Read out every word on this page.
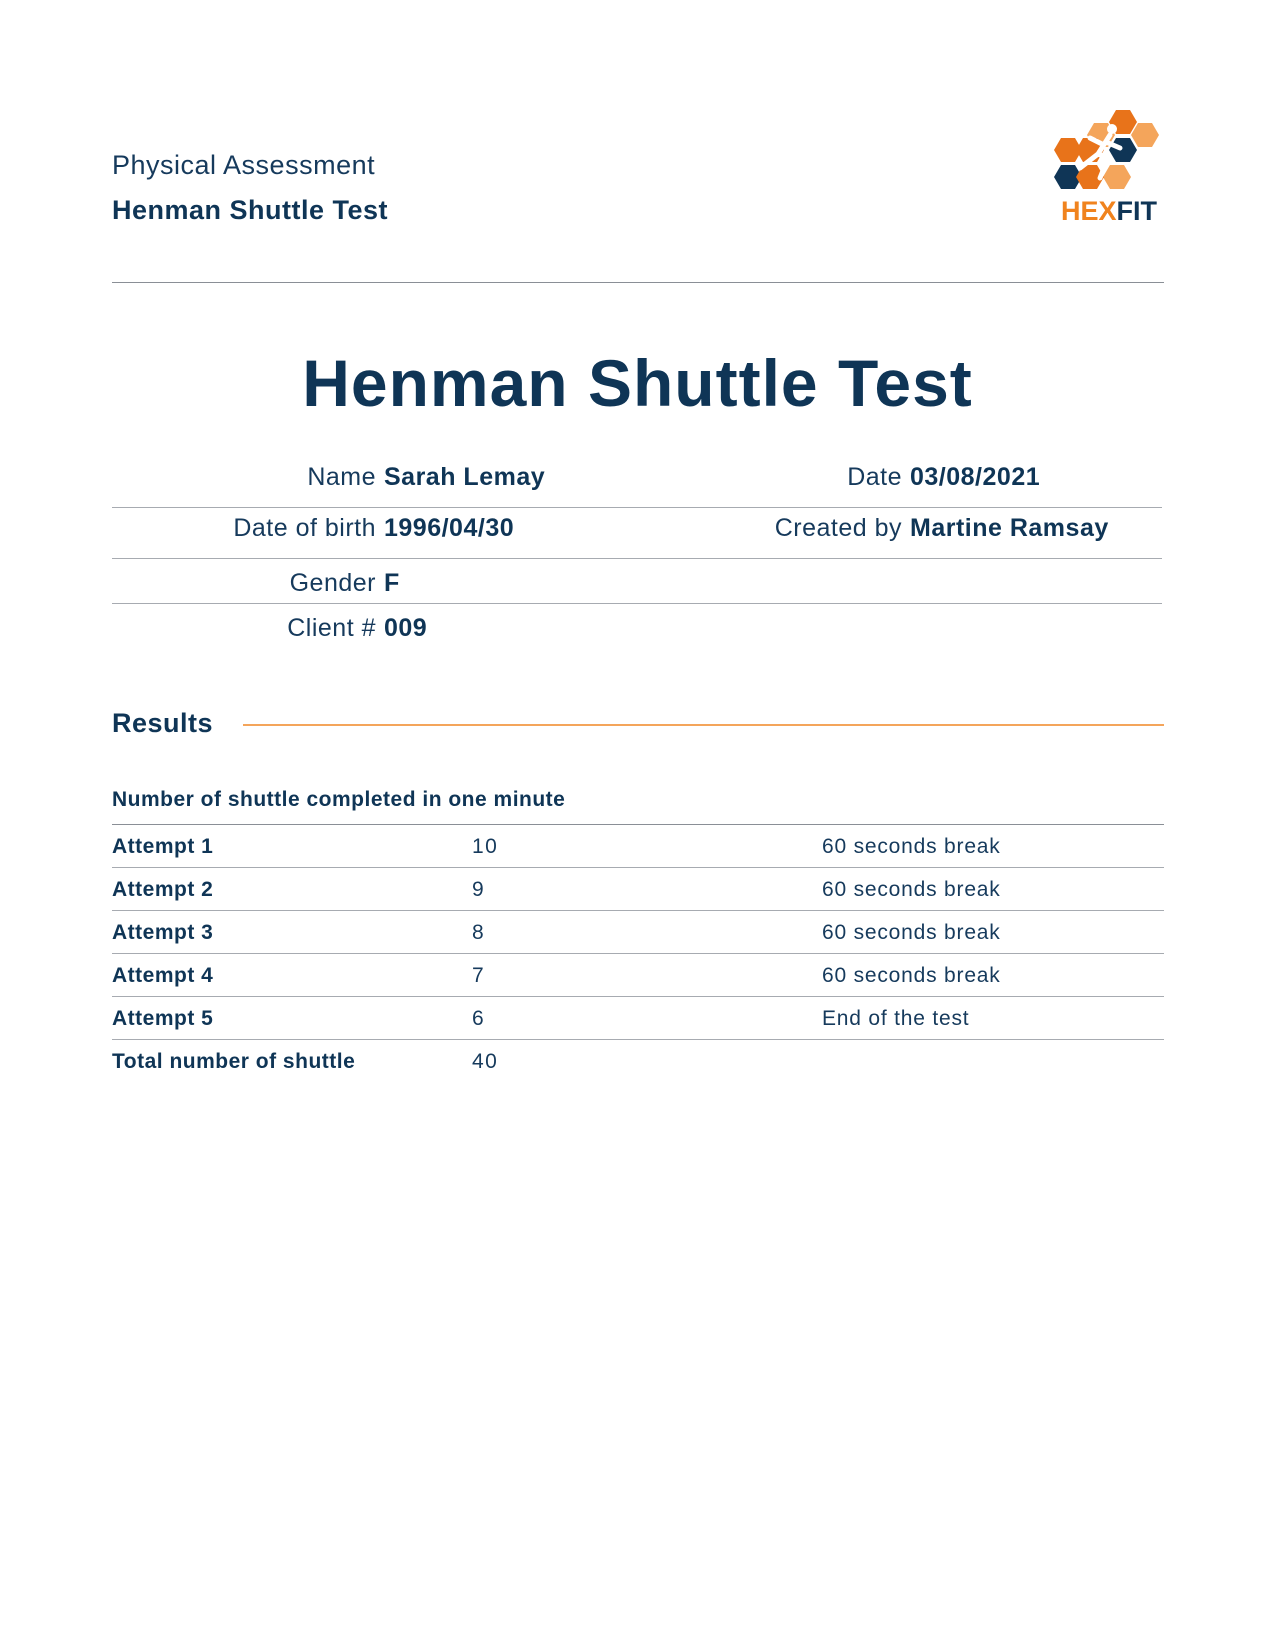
Physical Assessment
Henman Shuttle Test	HEXFIT
Henman Shuttle Test
Name Sarah Lemay	Date 03/08/2021
Date of birth 1996/04/30	Created by Martine Ramsay
Gender F
Client # 009
Results
Number of shuttle completed in one minute
Attempt 1	10	60 seconds break
Attempt 2	9	60 seconds break
Attempt 3	8	60 seconds break
Attempt 4	7	60 seconds break
Attempt 5	6	End of the test
Total number of shuttle	40
